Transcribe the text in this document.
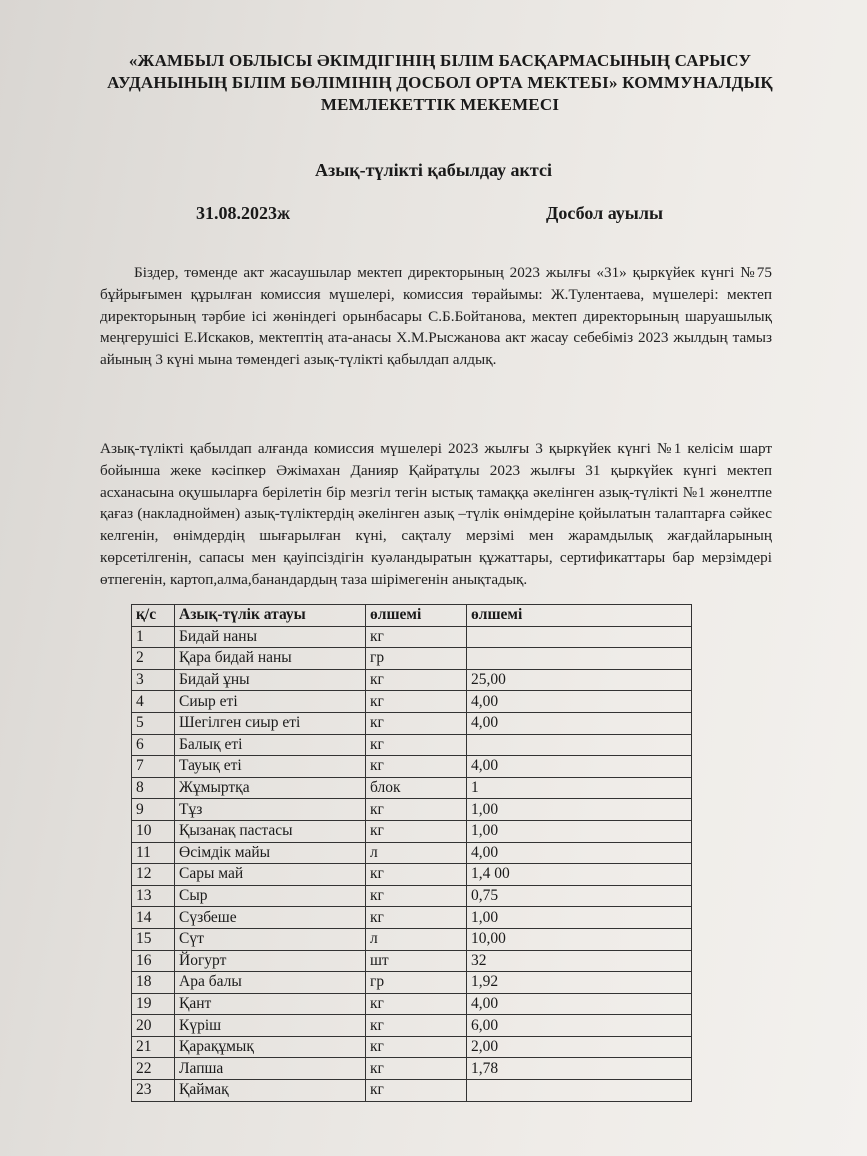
«ЖАМБЫЛ ОБЛЫСЫ ӘКІМДІГІНІҢ БІЛІМ БАСҚАРМАСЫНЫҢ САРЫСУ
АУДАНЫНЫҢ БІЛІМ БӨЛІМІНІҢ ДОСБОЛ ОРТА МЕКТЕБІ» КОММУНАЛДЫҚ
МЕМЛЕКЕТТІК МЕКЕМЕСІ
Азық-түлікті қабылдау актсі
31.08.2023ж	Досбол ауылы
Біздер, төменде акт жасаушылар мектеп директорының 2023 жылғы «31» қыркүйек күнгі №75 бұйрығымен құрылған комиссия мүшелері, комиссия төрайымы: Ж.Тулентаева, мүшелері: мектеп директорының тәрбие ісі жөніндегі орынбасары С.Б.Бойтанова, мектеп директорының шаруашылық меңгерушісі Е.Искаков, мектептің ата-анасы Х.М.Рысжанова акт жасау себебіміз 2023 жылдың тамыз айының 3 күні мына төмендегі азық-түлікті қабылдап алдық.
Азық-түлікті қабылдап алғанда комиссия мүшелері 2023 жылғы 3 қыркүйек күнгі №1 келісім шарт бойынша жеке кәсіпкер Әжімахан Данияр Қайратұлы 2023 жылғы 31 қыркүйек күнгі мектеп асханасына оқушыларға берілетін бір мезгіл тегін ыстық тамаққа әкелінген азық-түлікті №1 жөнелтпе қағаз (накладноймен) азық-түліктердің әкелінген азық –түлік өнімдеріне қойылатын талаптарға сәйкес келгенін, өнімдердің шығарылған күні, сақталу мерзімі мен жарамдылық жағдайларының көрсетілгенін, сапасы мен қауіпсіздігін куәландыратын құжаттары, сертификаттары бар мерзімдері өтпегенін, картоп,алма,банандардың таза шірімегенін анықтадық.
қ/с	Азық-түлік атауы	өлшемі	өлшемі
1	Бидай наны	кг	
2	Қара бидай наны	гр	
3	Бидай ұны	кг	25,00
4	Сиыр еті	кг	4,00
5	Шегілген сиыр еті	кг	4,00
6	Балық еті	кг	
7	Тауық еті	кг	4,00
8	Жұмыртқа	блок	1
9	Тұз	кг	1,00
10	Қызанақ пастасы	кг	1,00
11	Өсімдік майы	л	4,00
12	Сары май	кг	1,4 00
13	Сыр	кг	0,75
14	Сүзбеше	кг	1,00
15	Сүт	л	10,00
16	Йогурт	шт	32
18	Ара балы	гр	1,92
19	Қант	кг	4,00
20	Күріш	кг	6,00
21	Қарақұмық	кг	2,00
22	Лапша	кг	1,78
23	Қаймақ	кг	
